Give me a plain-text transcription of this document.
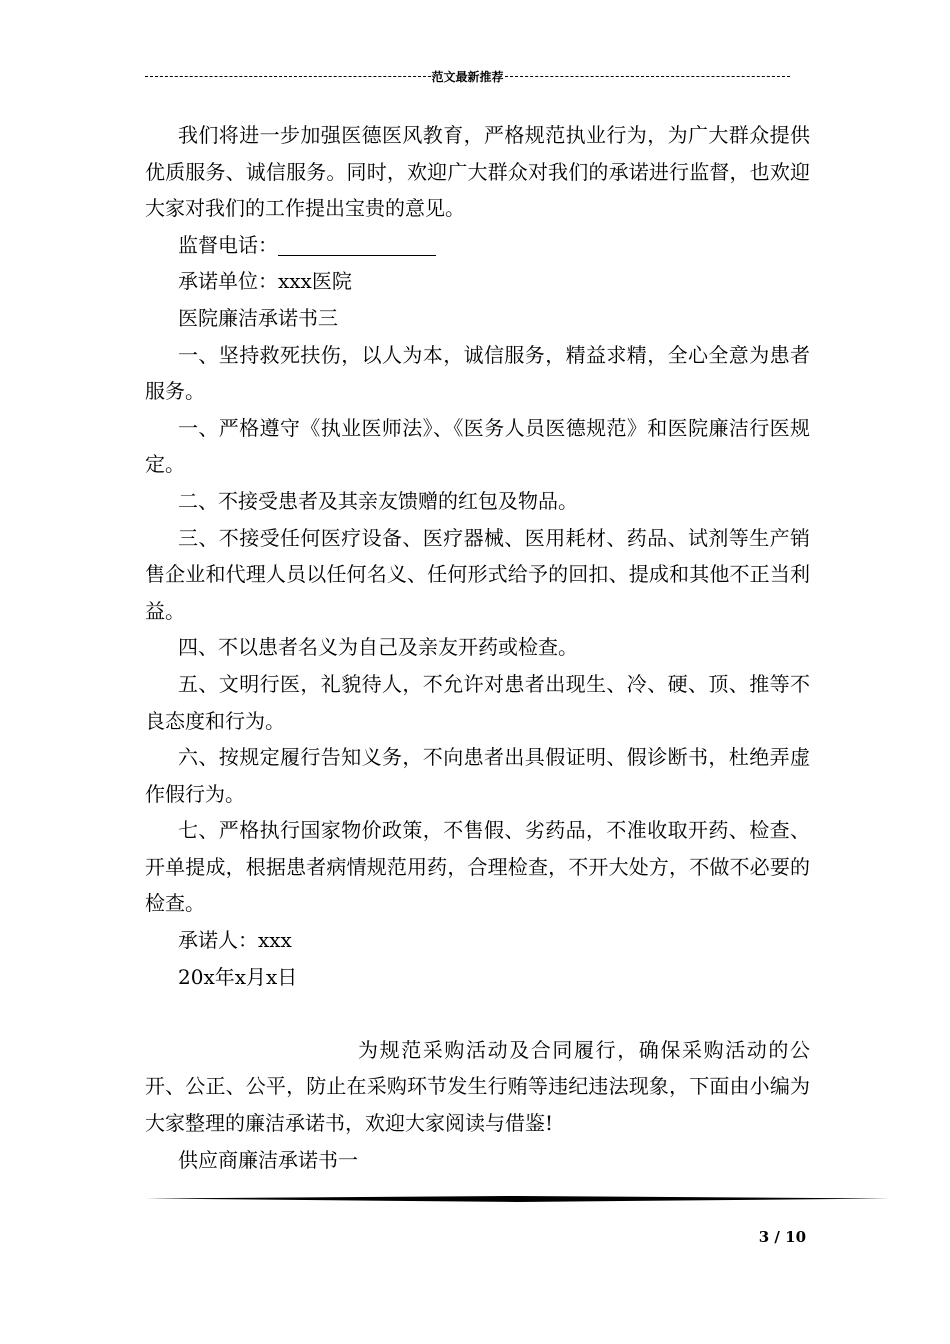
范文最新推荐

我们将进一步加强医德医风教育，严格规范执业行为，为广大群众提供优质服务、诚信服务。同时，欢迎广大群众对我们的承诺进行监督，也欢迎大家对我们的工作提出宝贵的意见。

监督电话：

承诺单位：xxx医院

医院廉洁承诺书三

一、坚持救死扶伤，以人为本，诚信服务，精益求精，全心全意为患者服务。

一、严格遵守《执业医师法》、《医务人员医德规范》和医院廉洁行医规定。

二、不接受患者及其亲友馈赠的红包及物品。

三、不接受任何医疗设备、医疗器械、医用耗材、药品、试剂等生产销售企业和代理人员以任何名义、任何形式给予的回扣、提成和其他不正当利益。

四、不以患者名义为自己及亲友开药或检查。

五、文明行医，礼貌待人，不允许对患者出现生、冷、硬、顶、推等不良态度和行为。

六、按规定履行告知义务，不向患者出具假证明、假诊断书，杜绝弄虚作假行为。

七、严格执行国家物价政策，不售假、劣药品，不准收取开药、检查、开单提成，根据患者病情规范用药，合理检查，不开大处方，不做不必要的检查。

承诺人：xxx

20x年x月x日

为规范采购活动及合同履行，确保采购活动的公开、公正、公平，防止在采购环节发生行贿等违纪违法现象，下面由小编为大家整理的廉洁承诺书，欢迎大家阅读与借鉴!

供应商廉洁承诺书一

3 / 10
